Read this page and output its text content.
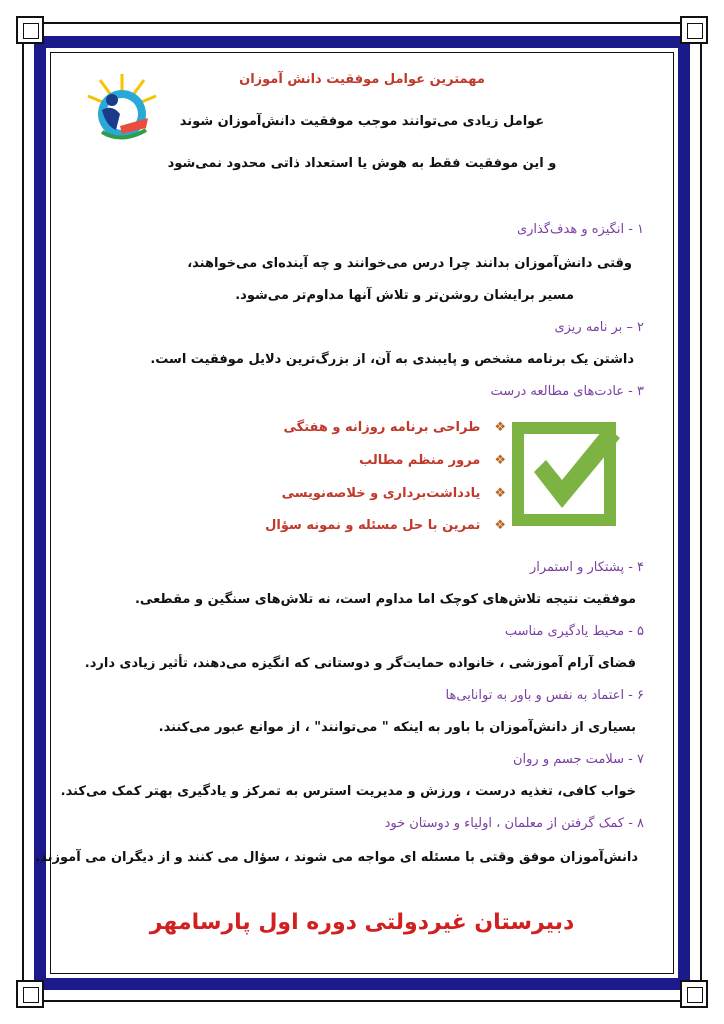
مهمترین عوامل موفقیت دانش آموزان
عوامل زیادی می‌توانند موجب موفقیت دانش‌آموزان شوند
و این موفقیت فقط به هوش یا استعداد ذاتی محدود نمی‌شود
۱ - انگیزه و هدف‌گذاری
وقتی دانش‌آموزان بدانند چرا درس می‌خوانند و چه آینده‌ای می‌خواهند،
مسیر برایشان روشن‌تر و تلاش آنها مداوم‌تر می‌شود.
۲ – بر نامه ریزی
داشتن یک برنامه مشخص و پایبندی به آن، از بزرگ‌ترین دلایل موفقیت است.
۳ - عادت‌های مطالعه درست
❖طراحی برنامه روزانه و هفتگی
❖مرور منظم مطالب
❖یادداشت‌برداری و خلاصه‌نویسی
❖تمرین با حل مسئله و نمونه سؤال
۴ - پشتکار و استمرار
موفقیت نتیجه تلاش‌های کوچک اما مداوم است، نه تلاش‌های سنگین و مقطعی.
۵ - محیط یادگیری مناسب
فضای آرام آموزشی ، خانواده حمایت‌گر و دوستانی که انگیزه می‌دهند، تأثیر زیادی دارد.
۶ - اعتماد به نفس و باور به توانایی‌ها
بسیاری از دانش‌آموزان با باور به اینکه " می‌توانند" ، از موانع عبور می‌کنند.
۷ - سلامت جسم و روان
خواب کافی، تغذیه درست ، ورزش و مدیریت استرس به تمرکز و یادگیری بهتر کمک می‌کند.
۸ - کمک گرفتن از معلمان ، اولیاء و دوستان خود
دانش‌آموزان موفق وقتی با مسئله ای مواجه می شوند ، سؤال می کنند و از دیگران می آموزند.
دبیرستان غیردولتی دوره اول پارسامهر
